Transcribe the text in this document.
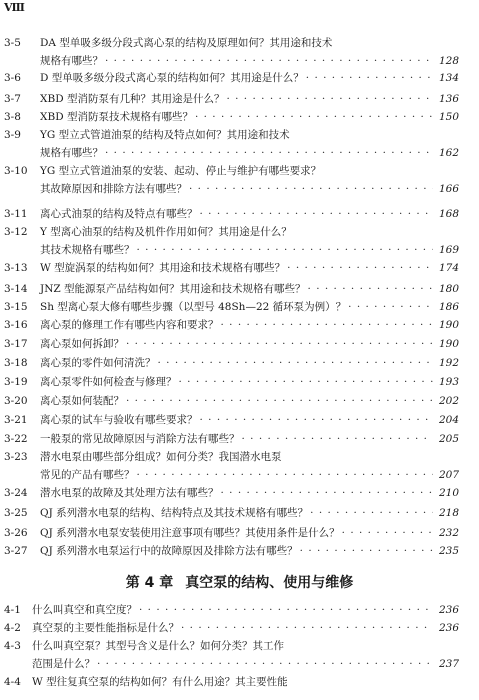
Ⅷ
3-5 DA 型单吸多级分段式离心泵的结构及原理如何？其用途和技术
规格有哪些？ · · ·	128
3-6 D 型单吸多级分段式离心泵的结构如何？其用途是什么？ · · ·	134
3-7 XBD 型消防泵有几种？其用途是什么？ · · ·	136
3-8 XBD 型消防泵技术规格有哪些？ · · ·	150
3-9 YG 型立式管道油泵的结构及特点如何？其用途和技术
规格有哪些？ · · ·	162
3-10 YG 型立式管道油泵的安装、起动、停止与维护有哪些要求？
其故障原因和排除方法有哪些？ · · ·	166
3-11 离心式油泵的结构及特点有哪些？ · · ·	168
3-12 Y 型离心油泵的结构及机件作用如何？其用途是什么？
其技术规格有哪些？ · · ·	169
3-13 W 型旋涡泵的结构如何？其用途和技术规格有哪些？ · · ·	174
3-14 JNZ 型能源泵产品结构如何？其用途和技术规格有哪些？ · · ·	180
3-15 Sh 型离心泵大修有哪些步骤（以型号 48Sh—22 循环泵为例）？ · · ·	186
3-16 离心泵的修理工作有哪些内容和要求？ · · ·	190
3-17 离心泵如何拆卸？ · · ·	190
3-18 离心泵的零件如何清洗？ · · ·	192
3-19 离心泵零件如何检查与修理？ · · ·	193
3-20 离心泵如何装配？ · · ·	202
3-21 离心泵的试车与验收有哪些要求？ · · ·	204
3-22 一般泵的常见故障原因与消除方法有哪些？ · · ·	205
3-23 潜水电泵由哪些部分组成？如何分类？我国潜水电泵
常见的产品有哪些？ · · ·	207
3-24 潜水电泵的故障及其处理方法有哪些？ · · ·	210
3-25 QJ 系列潜水电泵的结构、结构特点及其技术规格有哪些？ · · ·	218
3-26 QJ 系列潜水电泵安装使用注意事项有哪些？其使用条件是什么？ · · ·	232
3-27 QJ 系列潜水电泵运行中的故障原因及排除方法有哪些？ · · ·	235
4-1 什么叫真空和真空度？ · · ·	236
4-2 真空泵的主要性能指标是什么？ · · ·	236
4-3 什么叫真空泵？其型号含义是什么？如何分类？其工作
范围是什么？ · · ·	237
4-4 W 型往复真空泵的结构如何？有什么用途？其主要性能
第 4 章 真空泵的结构、使用与维修
